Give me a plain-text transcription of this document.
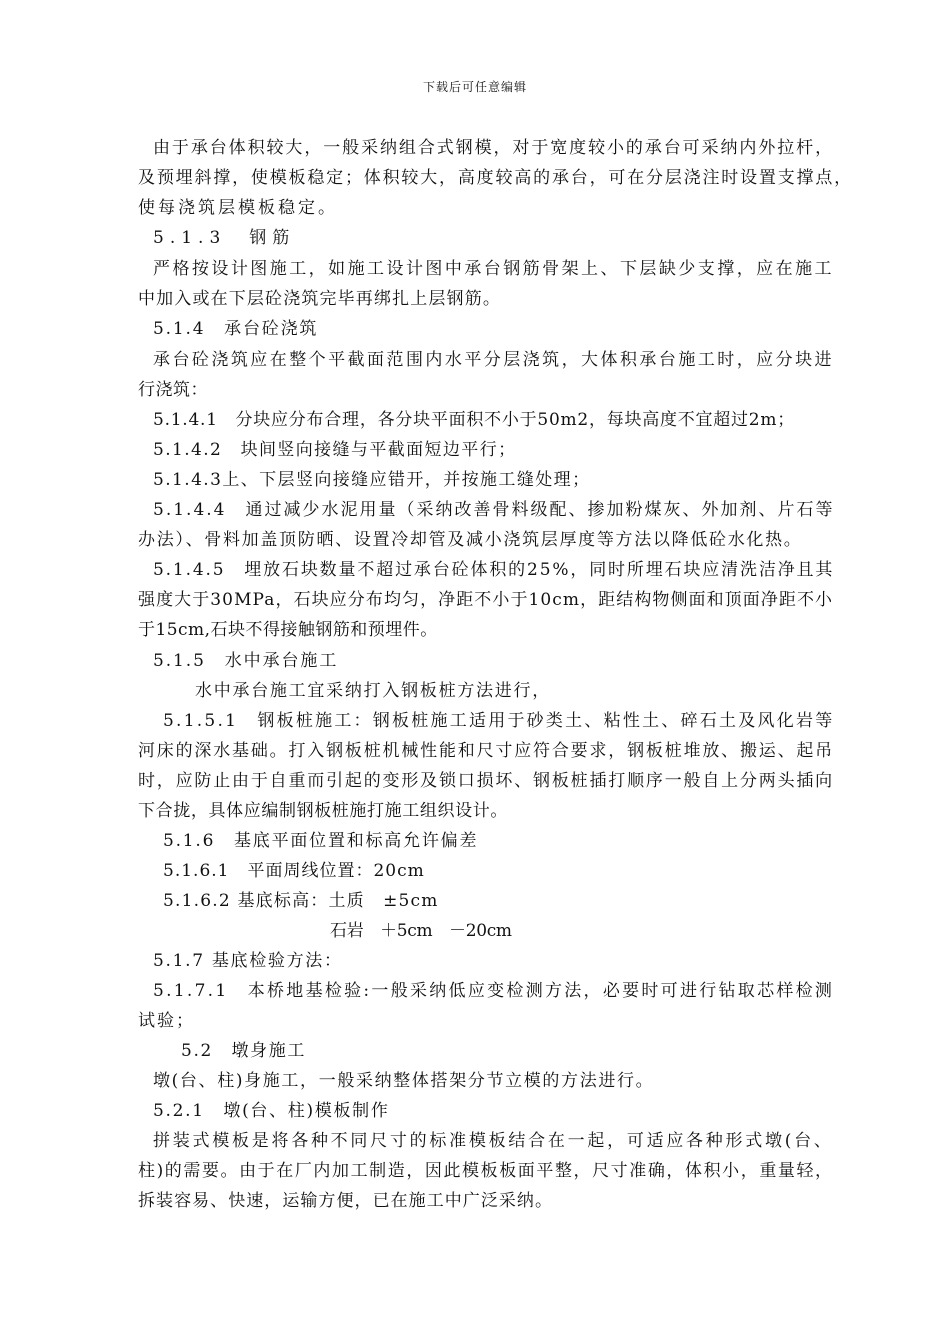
下载后可任意编辑
由于承台体积较大，一般采纳组合式钢模，对于宽度较小的承台可采纳内外拉杆，
及预埋斜撑，使模板稳定；体积较大，高度较高的承台，可在分层浇注时设置支撑点，
使每浇筑层模板稳定。
5.1.3　钢筋
严格按设计图施工，如施工设计图中承台钢筋骨架上、下层缺少支撑，应在施工
中加入或在下层砼浇筑完毕再绑扎上层钢筋。
5.1.4　承台砼浇筑
承台砼浇筑应在整个平截面范围内水平分层浇筑，大体积承台施工时，应分块进
行浇筑：
5.1.4.1　分块应分布合理，各分块平面积不小于50m2，每块高度不宜超过2m；
5.1.4.2　块间竖向接缝与平截面短边平行；
5.1.4.3上、下层竖向接缝应错开，并按施工缝处理；
5.1.4.4　通过减少水泥用量（采纳改善骨料级配、掺加粉煤灰、外加剂、片石等
办法）、骨料加盖顶防晒、设置冷却管及减小浇筑层厚度等方法以降低砼水化热。
5.1.4.5　埋放石块数量不超过承台砼体积的25%，同时所埋石块应清洗洁净且其
强度大于30MPa，石块应分布均匀，净距不小于10cm，距结构物侧面和顶面净距不小
于15cm,石块不得接触钢筋和预埋件。
5.1.5　水中承台施工
水中承台施工宜采纳打入钢板桩方法进行，
5.1.5.1　钢板桩施工：钢板桩施工适用于砂类土、粘性土、碎石土及风化岩等
河床的深水基础。打入钢板桩机械性能和尺寸应符合要求，钢板桩堆放、搬运、起吊
时，应防止由于自重而引起的变形及锁口损坏、钢板桩插打顺序一般自上分两头插向
下合拢，具体应编制钢板桩施打施工组织设计。
5.1.6　基底平面位置和标高允许偏差
5.1.6.1　平面周线位置：20cm
5.1.6.2 基底标高：土质　±5cm
石岩　＋5cm　－20cm
5.1.7 基底检验方法：
5.1.7.1　本桥地基检验:一般采纳低应变检测方法，必要时可进行钻取芯样检测
试验；
5.2　墩身施工
墩(台、柱)身施工，一般采纳整体搭架分节立模的方法进行。
5.2.1　墩(台、柱)模板制作
拼装式模板是将各种不同尺寸的标准模板结合在一起，可适应各种形式墩(台、
柱)的需要。由于在厂内加工制造，因此模板板面平整，尺寸准确，体积小，重量轻，
拆装容易、快速，运输方便，已在施工中广泛采纳。
